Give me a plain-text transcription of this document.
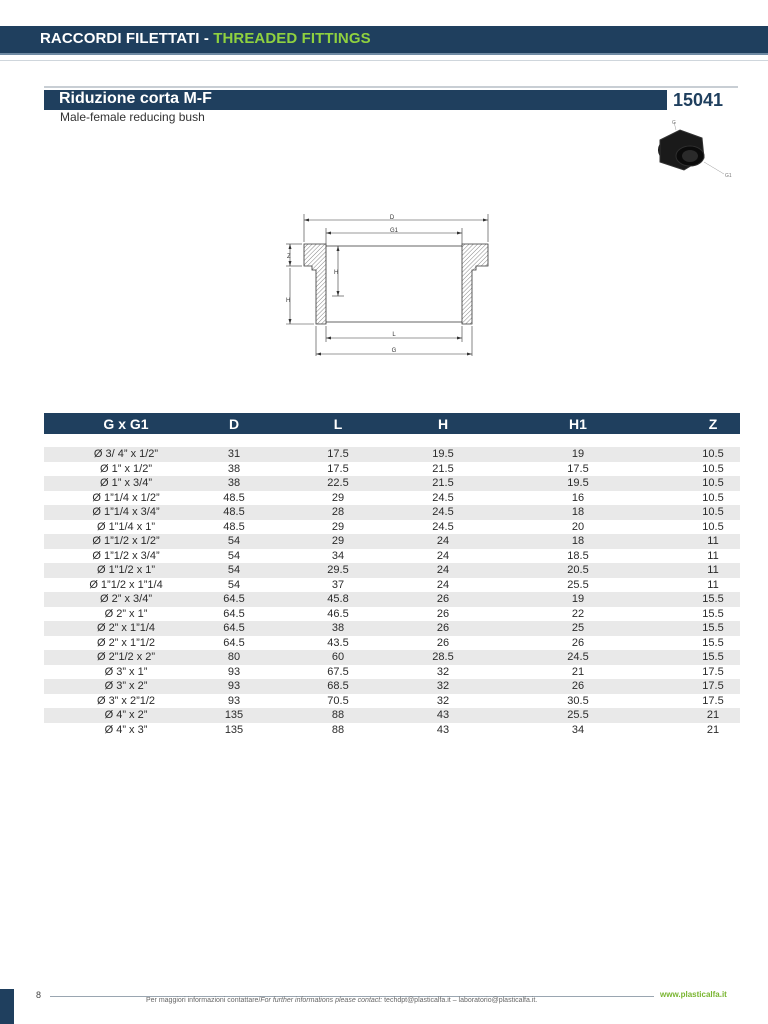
RACCORDI FILETTATI - THREADED FITTINGS
Riduzione corta M-F	15041
Male-female reducing bush	G
G1
D
G1
Z
H
H
L
G
G x G1	D	L	H	H1	Z
Ø 3/ 4” x 1/2”	31	17.5	19.5	19	10.5
Ø 1” x 1/2”	38	17.5	21.5	17.5	10.5
Ø 1” x 3/4”	38	22.5	21.5	19.5	10.5
Ø 1”1/4 x 1/2”	48.5	29	24.5	16	10.5
Ø 1”1/4 x 3/4”	48.5	28	24.5	18	10.5
Ø 1”1/4 x 1”	48.5	29	24.5	20	10.5
Ø 1”1/2 x 1/2”	54	29	24	18	11
Ø 1”1/2 x 3/4”	54	34	24	18.5	11
Ø 1”1/2 x 1”	54	29.5	24	20.5	11
Ø 1”1/2 x 1”1/4	54	37	24	25.5	11
Ø 2” x 3/4”	64.5	45.8	26	19	15.5
Ø 2” x 1”	64.5	46.5	26	22	15.5
Ø 2” x 1”1/4	64.5	38	26	25	15.5
Ø 2” x 1”1/2	64.5	43.5	26	26	15.5
Ø 2”1/2 x 2”	80	60	28.5	24.5	15.5
Ø 3” x 1”	93	67.5	32	21	17.5
Ø 3” x 2”	93	68.5	32	26	17.5
Ø 3” x 2”1/2	93	70.5	32	30.5	17.5
Ø 4” x 2”	135	88	43	25.5	21
Ø 4” x 3”	135	88	43	34	21
8
Per maggiori informazioni contattare/For further informations please contact: techdpt@plasticalfa.it – laboratorio@plasticalfa.it.
www.plasticalfa.it
